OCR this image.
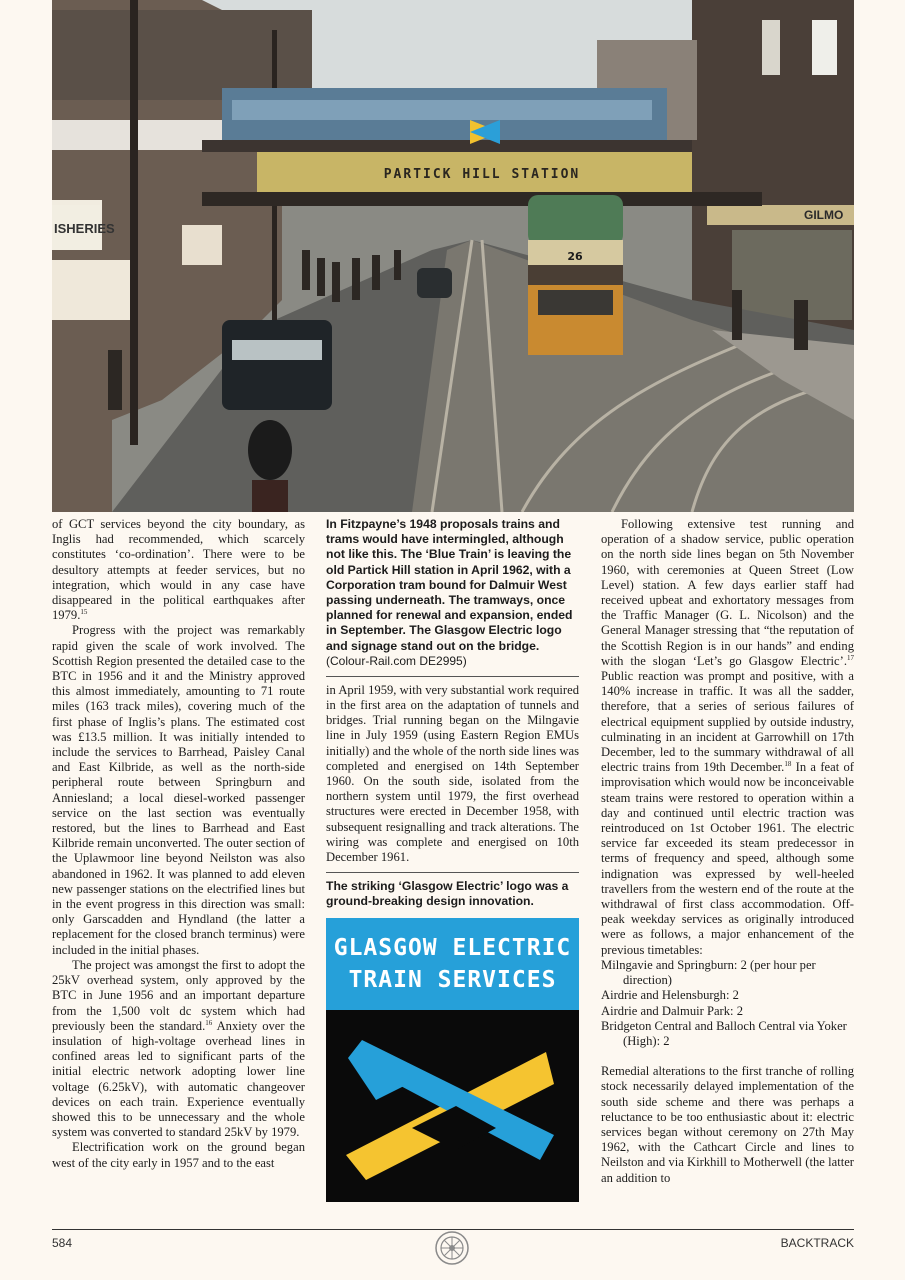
PARTICK HILL STATION
26
ISHERIES
GILMO

of GCT services beyond the city boundary, as Inglis had recommended, which scarcely constitutes ‘co-ordination’. There were to be desultory attempts at feeder services, but no integration, which would in any case have disappeared in the political earthquakes after 1979.15

Progress with the project was remarkably rapid given the scale of work involved. The Scottish Region presented the detailed case to the BTC in 1956 and it and the Ministry approved this almost immediately, amounting to 71 route miles (163 track miles), covering much of the first phase of Inglis’s plans. The estimated cost was £13.5 million. It was initially intended to include the services to Barrhead, Paisley Canal and East Kilbride, as well as the north-side peripheral route between Springburn and Anniesland; a local diesel-worked passenger service on the last section was eventually restored, but the lines to Barrhead and East Kilbride remain unconverted. The outer section of the Uplawmoor line beyond Neilston was also abandoned in 1962. It was planned to add eleven new passenger stations on the electrified lines but in the event progress in this direction was small: only Garscadden and Hyndland (the latter a replacement for the closed branch terminus) were included in the initial phases.

The project was amongst the first to adopt the 25kV overhead system, only approved by the BTC in June 1956 and an important departure from the 1,500 volt dc system which had previously been the standard.$^{16}$ Anxiety over the insulation of high-voltage overhead lines in confined areas led to significant parts of the initial electric network adopting lower line voltage (6.25kV), with automatic changeover devices on each train. Experience eventually showed this to be unnecessary and the whole system was converted to standard 25kV by 1979.

Electrification work on the ground began west of the city early in 1957 and to the east

In Fitzpayne’s 1948 proposals trains and trams would have intermingled, although not like this. The ‘Blue Train’ is leaving the old Partick Hill station in April 1962, with a Corporation tram bound for Dalmuir West passing underneath. The tramways, once planned for renewal and expansion, ended in September. The Glasgow Electric logo and signage stand out on the bridge.
(Colour-Rail.com DE2995)

in April 1959, with very substantial work required in the first area on the adaptation of tunnels and bridges. Trial running began on the Milngavie line in July 1959 (using Eastern Region EMUs initially) and the whole of the north side lines was completed and energised on 14th September 1960. On the south side, isolated from the northern system until 1979, the first overhead structures were erected in December 1958, with subsequent resignalling and track alterations. The wiring was complete and energised on 10th December 1961.

The striking ‘Glasgow Electric’ logo was a ground-breaking design innovation.
GLASGOW ELECTRIC
TRAIN SERVICES

Following extensive test running and operation of a shadow service, public operation on the north side lines began on 5th November 1960, with ceremonies at Queen Street (Low Level) station. A few days earlier staff had received upbeat and exhortatory messages from the Traffic Manager (G. L. Nicolson) and the General Manager stressing that “the reputation of the Scottish Region is in our hands” and ending with the slogan ‘Let’s go Glasgow Electric’.$^{17}$ Public reaction was prompt and positive, with a 140% increase in traffic. It was all the sadder, therefore, that a series of serious failures of electrical equipment supplied by outside industry, culminating in an incident at Garrowhill on 17th December, led to the summary withdrawal of all electric trains from 19th December.$^{18}$ In a feat of improvisation which would now be inconceivable steam trains were restored to operation within a day and continued until electric traction was reintroduced on 1st October 1961. The electric service far exceeded its steam predecessor in terms of frequency and speed, although some indignation was expressed by well-heeled travellers from the western end of the route at the withdrawal of first class accommodation. Off-peak weekday services as originally introduced were as follows, a major enhancement of the previous timetables:

Milngavie and Springburn: 2 (per hour per direction)
Airdrie and Helensburgh: 2
Airdrie and Dalmuir Park: 2
Bridgeton Central and Balloch Central via Yoker (High): 2

Remedial alterations to the first tranche of rolling stock necessarily delayed implementation of the south side scheme and there was perhaps a reluctance to be too enthusiastic about it: electric services began without ceremony on 27th May 1962, with the Cathcart Circle and lines to Neilston and via Kirkhill to Motherwell (the latter an addition to

584	BACKTRACK
